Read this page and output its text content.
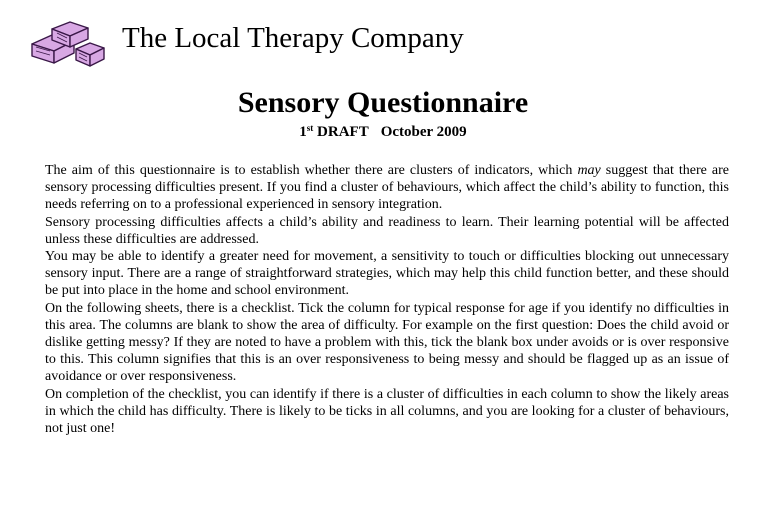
The Local Therapy Company
Sensory Questionnaire
1st DRAFT October 2009

The aim of this questionnaire is to establish whether there are clusters of indicators, which may suggest that there are sensory processing difficulties present. If you find a cluster of behaviours, which affect the child’s ability to function, this needs referring on to a professional experienced in sensory integration.

Sensory processing difficulties affects a child’s ability and readiness to learn. Their learning potential will be affected unless these difficulties are addressed.

You may be able to identify a greater need for movement, a sensitivity to touch or difficulties blocking out unnecessary sensory input. There are a range of straightforward strategies, which may help this child function better, and these should be put into place in the home and school environment.

On the following sheets, there is a checklist. Tick the column for typical response for age if you identify no difficulties in this area. The columns are blank to show the area of difficulty. For example on the first question: Does the child avoid or dislike getting messy? If they are noted to have a problem with this, tick the blank box under avoids or is over responsive to this. This column signifies that this is an over responsiveness to being messy and should be flagged up as an issue of avoidance or over responsiveness.

On completion of the checklist, you can identify if there is a cluster of difficulties in each column to show the likely areas in which the child has difficulty. There is likely to be ticks in all columns, and you are looking for a cluster of behaviours, not just one!
